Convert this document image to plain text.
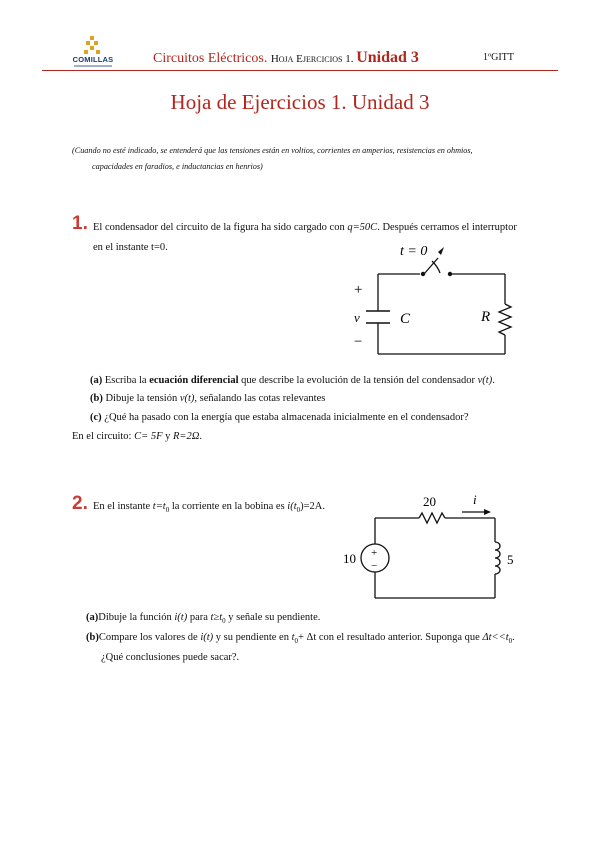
COMILLAS	Circuitos Eléctricos. Hoja Ejercicios 1. Unidad 3	1ºGITT
Hoja de Ejercicios 1. Unidad 3
(Cuando no esté indicado, se entenderá que las tensiones están en voltios, corrientes en amperios, resistencias en ohmios,
capacidades en faradios, e inductancias en henrios)
1. El condensador del circuito de la figura ha sido cargado con q=50C. Después cerramos el interruptor
en el instante t=0.	t = 0
+
v
−
C	R
(a) Escriba la ecuación diferencial que describe la evolución de la tensión del condensador v(t).
(b) Dibuje la tensión v(t), señalando las cotas relevantes
(c) ¿Qué ha pasado con la energía que estaba almacenada inicialmente en el condensador?
En el circuito: C= 5F y R=2Ω.
2. En el instante $t=t_0$ la corriente en la bobina es $i(t_0)=2A$.
+
−
20	i
10	5
(a)Dibuje la función i(t) para $t\ge t_0$ y señale su pendiente.
(b)Compare los valores de i(t) y su pendiente en $t_0+ \Delta t$ con el resultado anterior. Suponga que $\Delta t<<t_0$.
¿Qué conclusiones puede sacar?.
